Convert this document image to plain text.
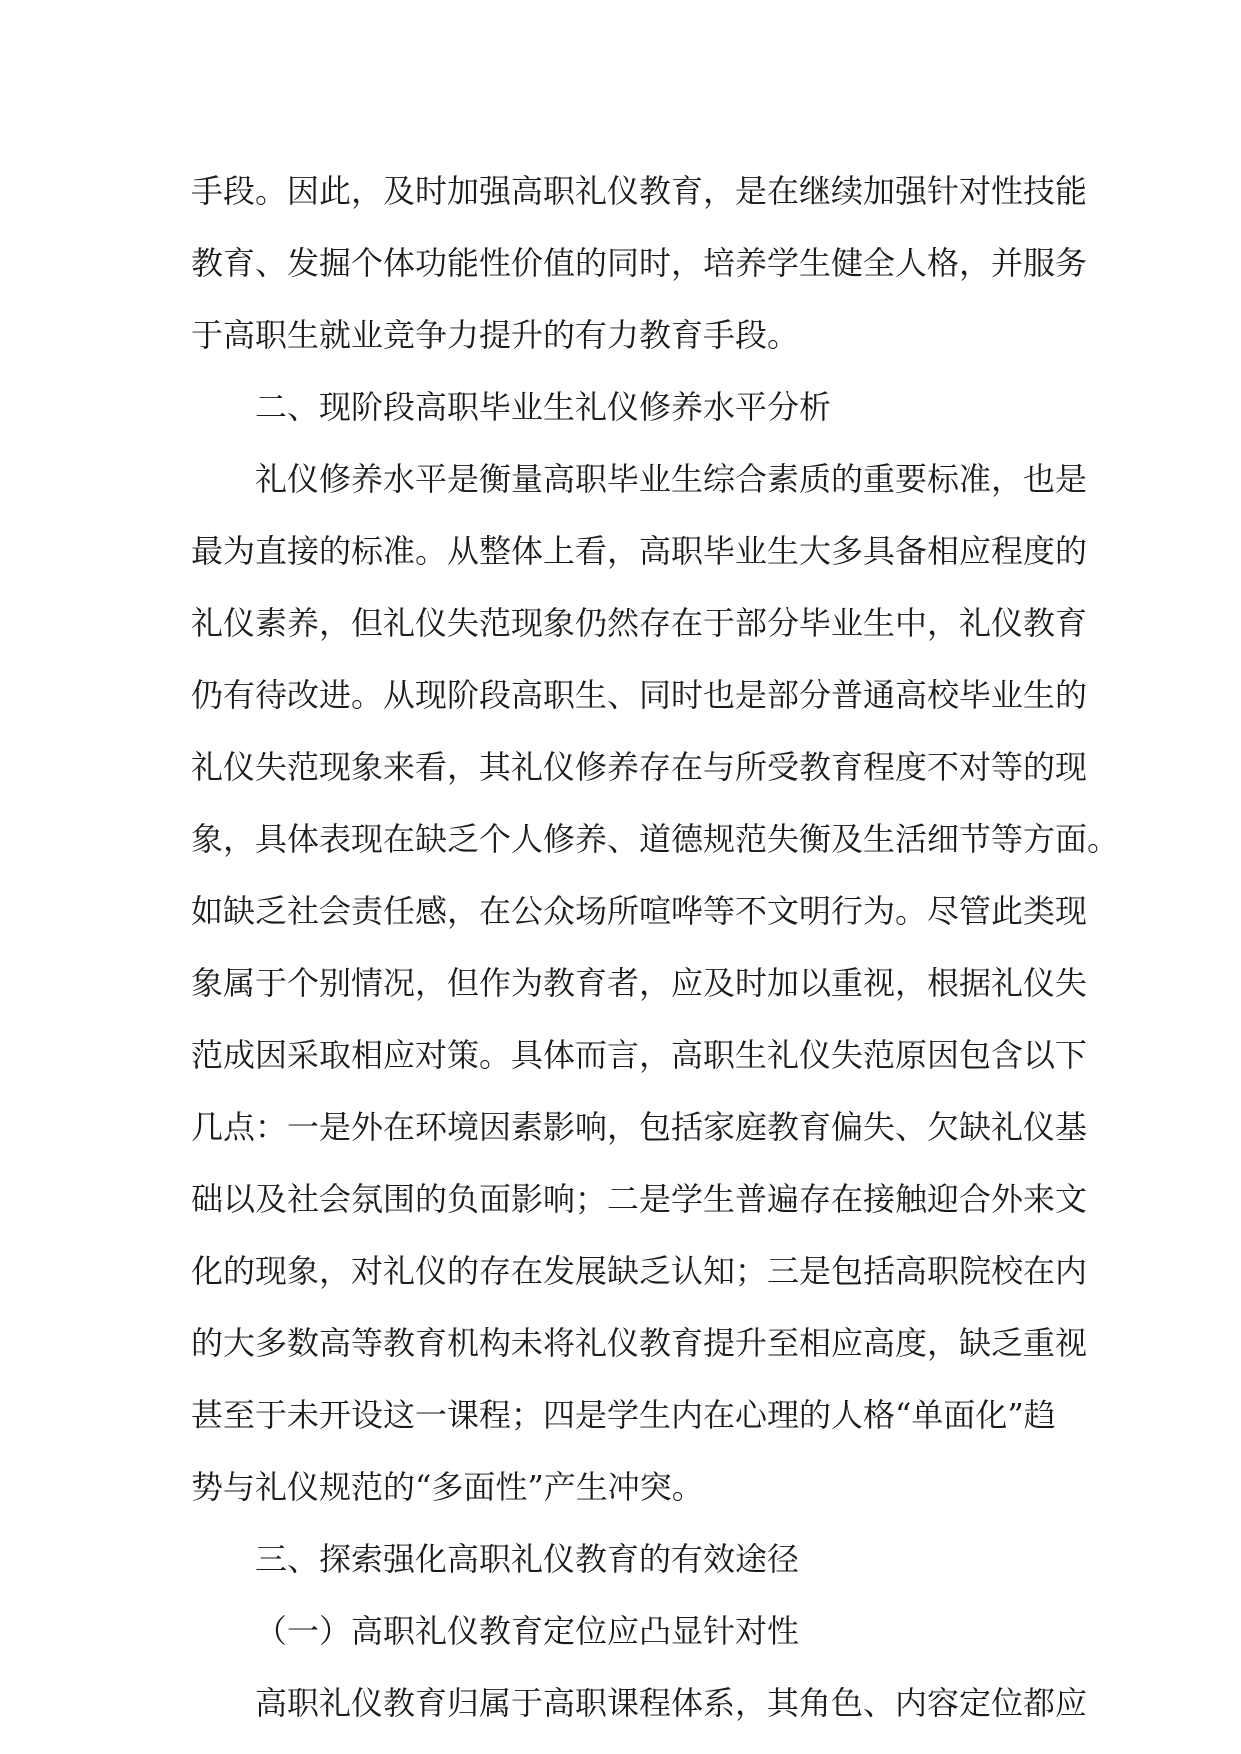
手段。因此，及时加强高职礼仪教育，是在继续加强针对性技能
教育、发掘个体功能性价值的同时，培养学生健全人格，并服务
于高职生就业竞争力提升的有力教育手段。
二、现阶段高职毕业生礼仪修养水平分析
礼仪修养水平是衡量高职毕业生综合素质的重要标准，也是
最为直接的标准。从整体上看，高职毕业生大多具备相应程度的
礼仪素养，但礼仪失范现象仍然存在于部分毕业生中，礼仪教育
仍有待改进。从现阶段高职生、同时也是部分普通高校毕业生的
礼仪失范现象来看，其礼仪修养存在与所受教育程度不对等的现
象，具体表现在缺乏个人修养、道德规范失衡及生活细节等方面。
如缺乏社会责任感，在公众场所喧哗等不文明行为。尽管此类现
象属于个别情况，但作为教育者，应及时加以重视，根据礼仪失
范成因采取相应对策。具体而言，高职生礼仪失范原因包含以下
几点：一是外在环境因素影响，包括家庭教育偏失、欠缺礼仪基
础以及社会氛围的负面影响；二是学生普遍存在接触迎合外来文
化的现象，对礼仪的存在发展缺乏认知；三是包括高职院校在内
的大多数高等教育机构未将礼仪教育提升至相应高度，缺乏重视
甚至于未开设这一课程；四是学生内在心理的人格“单面化”趋
势与礼仪规范的“多面性”产生冲突。
三、探索强化高职礼仪教育的有效途径
（一）高职礼仪教育定位应凸显针对性
高职礼仪教育归属于高职课程体系，其角色、内容定位都应
